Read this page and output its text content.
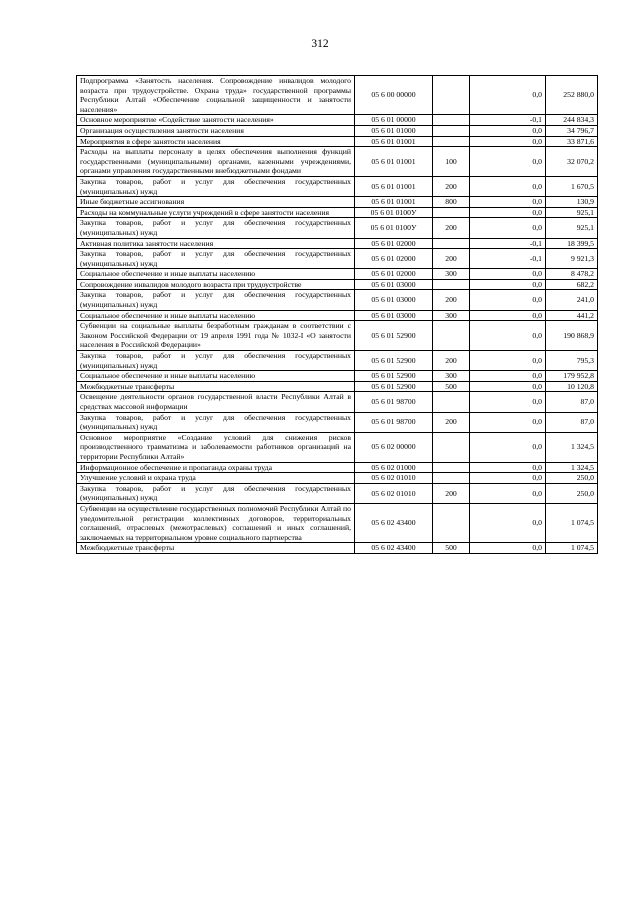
312
Подпрограмма «Занятость населения. Сопровождение инвалидов молодого возраста при трудоустройстве. Охрана труда» государственной программы Республики Алтай «Обеспечение социальной защищенности и занятости населения»	05 6 00 00000		0,0	252 880,0
Основное мероприятие «Содействие занятости населения»	05 6 01 00000		-0,1	244 834,3
Организация осуществления занятости населения	05 6 01 01000		0,0	34 796,7
Мероприятия в сфере занятости населения	05 6 01 01001		0,0	33 871,6
Расходы на выплаты персоналу в целях обеспечения выполнения функций государственными (муниципальными) органами, казенными учреждениями, органами управления государственными внебюджетными фондами	05 6 01 01001	100	0,0	32 070,2
Закупка товаров, работ и услуг для обеспечения государственных (муниципальных) нужд	05 6 01 01001	200	0,0	1 670,5
Иные бюджетные ассигнования	05 6 01 01001	800	0,0	130,9
Расходы на коммунальные услуги учреждений в сфере занятости населения	05 6 01 0100У		0,0	925,1
Закупка товаров, работ и услуг для обеспечения государственных (муниципальных) нужд	05 6 01 0100У	200	0,0	925,1
Активная политика занятости населения	05 6 01 02000		-0,1	18 399,5
Закупка товаров, работ и услуг для обеспечения государственных (муниципальных) нужд	05 6 01 02000	200	-0,1	9 921,3
Социальное обеспечение и иные выплаты населению	05 6 01 02000	300	0,0	8 478,2
Сопровождение инвалидов молодого возраста при трудоустройстве	05 6 01 03000		0,0	682,2
Закупка товаров, работ и услуг для обеспечения государственных (муниципальных) нужд	05 6 01 03000	200	0,0	241,0
Социальное обеспечение и иные выплаты населению	05 6 01 03000	300	0,0	441,2
Субвенции на социальные выплаты безработным гражданам в соответствии с Законом Российской Федерации от 19 апреля 1991 года № 1032-I «О занятости населения в Российской Федерации»	05 6 01 52900		0,0	190 868,9
Закупка товаров, работ и услуг для обеспечения государственных (муниципальных) нужд	05 6 01 52900	200	0,0	795,3
Социальное обеспечение и иные выплаты населению	05 6 01 52900	300	0,0	179 952,8
Межбюджетные трансферты	05 6 01 52900	500	0,0	10 120,8
Освещение деятельности органов государственной власти Республики Алтай в средствах массовой информации	05 6 01 98700		0,0	87,0
Закупка товаров, работ и услуг для обеспечения государственных (муниципальных) нужд	05 6 01 98700	200	0,0	87,0
Основное мероприятие «Создание условий для снижения рисков производственного травматизма и заболеваемости работников организаций на территории Республики Алтай»	05 6 02 00000		0,0	1 324,5
Информационное обеспечение и пропаганда охраны труда	05 6 02 01000		0,0	1 324,5
Улучшение условий и охрана труда	05 6 02 01010		0,0	250,0
Закупка товаров, работ и услуг для обеспечения государственных (муниципальных) нужд	05 6 02 01010	200	0,0	250,0
Субвенции на осуществление государственных полномочий Республики Алтай по уведомительной регистрации коллективных договоров, территориальных соглашений, отраслевых (межотраслевых) соглашений и иных соглашений, заключаемых на территориальном уровне социального партнерства	05 6 02 43400		0,0	1 074,5
Межбюджетные трансферты	05 6 02 43400	500	0,0	1 074,5
